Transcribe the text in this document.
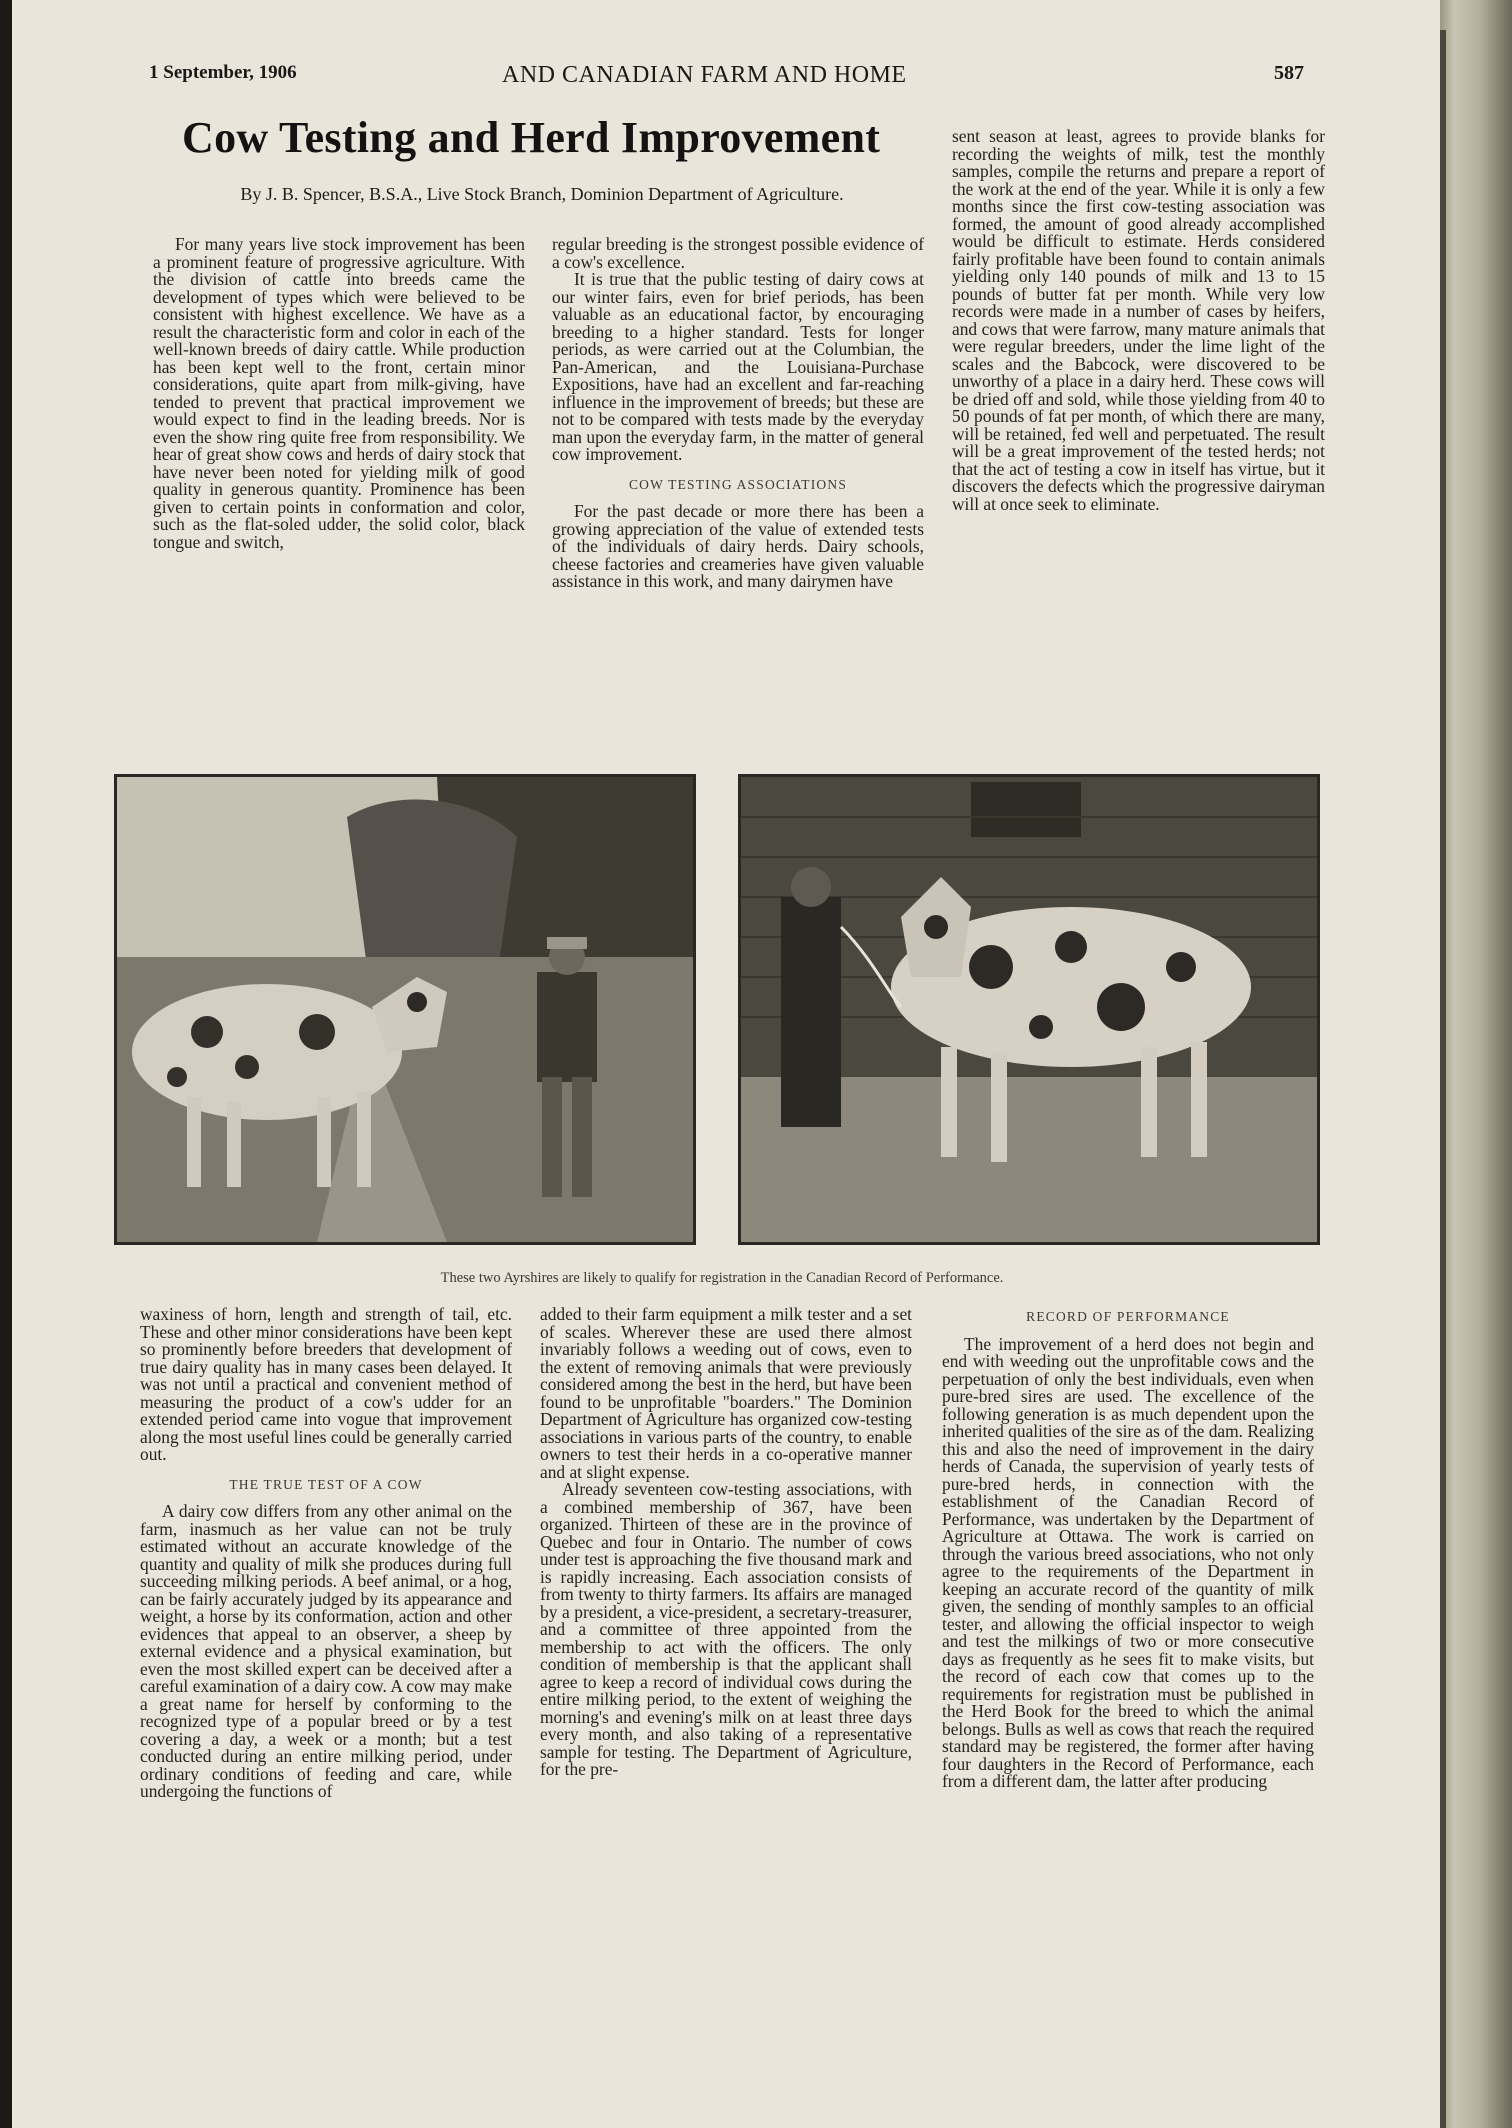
1 September, 1906	AND CANADIAN FARM AND HOME	587
Cow Testing and Herd Improvement
By J. B. Spencer, B.S.A., Live Stock Branch, Dominion Department of Agriculture.

For many years live stock improvement has been a prominent feature of progressive agriculture. With the division of cattle into breeds came the development of types which were believed to be consistent with highest excellence. We have as a result the characteristic form and color in each of the well-known breeds of dairy cattle. While production has been kept well to the front, certain minor considerations, quite apart from milk-giving, have tended to prevent that practical improvement we would expect to find in the leading breeds. Nor is even the show ring quite free from responsibility. We hear of great show cows and herds of dairy stock that have never been noted for yielding milk of good quality in generous quantity. Prominence has been given to certain points in conformation and color, such as the flat-soled udder, the solid color, black tongue and switch,

regular breeding is the strongest possible evidence of a cow's excellence.

It is true that the public testing of dairy cows at our winter fairs, even for brief periods, has been valuable as an educational factor, by encouraging breeding to a higher standard. Tests for longer periods, as were carried out at the Columbian, the Pan-American, and the Louisiana-Purchase Expositions, have had an excellent and far-reaching influence in the improvement of breeds; but these are not to be compared with tests made by the everyday man upon the everyday farm, in the matter of general cow improvement.

COW TESTING ASSOCIATIONS

For the past decade or more there has been a growing appreciation of the value of extended tests of the individuals of dairy herds. Dairy schools, cheese factories and creameries have given valuable assistance in this work, and many dairymen have

sent season at least, agrees to provide blanks for recording the weights of milk, test the monthly samples, compile the returns and prepare a report of the work at the end of the year. While it is only a few months since the first cow-testing association was formed, the amount of good already accomplished would be difficult to estimate. Herds considered fairly profitable have been found to contain animals yielding only 140 pounds of milk and 13 to 15 pounds of butter fat per month. While very low records were made in a number of cases by heifers, and cows that were farrow, many mature animals that were regular breeders, under the lime light of the scales and the Babcock, were discovered to be unworthy of a place in a dairy herd. These cows will be dried off and sold, while those yielding from 40 to 50 pounds of fat per month, of which there are many, will be retained, fed well and perpetuated. The result will be a great improvement of the tested herds; not that the act of testing a cow in itself has virtue, but it discovers the defects which the progressive dairyman will at once seek to eliminate.

These two Ayrshires are likely to qualify for registration in the Canadian Record of Performance.

waxiness of horn, length and strength of tail, etc. These and other minor considerations have been kept so prominently before breeders that development of true dairy quality has in many cases been delayed. It was not until a practical and convenient method of measuring the product of a cow's udder for an extended period came into vogue that improvement along the most useful lines could be generally carried out.

THE TRUE TEST OF A COW

A dairy cow differs from any other animal on the farm, inasmuch as her value can not be truly estimated without an accurate knowledge of the quantity and quality of milk she produces during full succeeding milking periods. A beef animal, or a hog, can be fairly accurately judged by its appearance and weight, a horse by its conformation, action and other evidences that appeal to an observer, a sheep by external evidence and a physical examination, but even the most skilled expert can be deceived after a careful examination of a dairy cow. A cow may make a great name for herself by conforming to the recognized type of a popular breed or by a test covering a day, a week or a month; but a test conducted during an entire milking period, under ordinary conditions of feeding and care, while undergoing the functions of

added to their farm equipment a milk tester and a set of scales. Wherever these are used there almost invariably follows a weeding out of cows, even to the extent of removing animals that were previously considered among the best in the herd, but have been found to be unprofitable "boarders." The Dominion Department of Agriculture has organized cow-testing associations in various parts of the country, to enable owners to test their herds in a co-operative manner and at slight expense.

Already seventeen cow-testing associations, with a combined membership of 367, have been organized. Thirteen of these are in the province of Quebec and four in Ontario. The number of cows under test is approaching the five thousand mark and is rapidly increasing. Each association consists of from twenty to thirty farmers. Its affairs are managed by a president, a vice-president, a secretary-treasurer, and a committee of three appointed from the membership to act with the officers. The only condition of membership is that the applicant shall agree to keep a record of individual cows during the entire milking period, to the extent of weighing the morning's and evening's milk on at least three days every month, and also taking of a representative sample for testing. The Department of Agriculture, for the pre-

RECORD OF PERFORMANCE

The improvement of a herd does not begin and end with weeding out the unprofitable cows and the perpetuation of only the best individuals, even when pure-bred sires are used. The excellence of the following generation is as much dependent upon the inherited qualities of the sire as of the dam. Realizing this and also the need of improvement in the dairy herds of Canada, the supervision of yearly tests of pure-bred herds, in connection with the establishment of the Canadian Record of Performance, was undertaken by the Department of Agriculture at Ottawa. The work is carried on through the various breed associations, who not only agree to the requirements of the Department in keeping an accurate record of the quantity of milk given, the sending of monthly samples to an official tester, and allowing the official inspector to weigh and test the milkings of two or more consecutive days as frequently as he sees fit to make visits, but the record of each cow that comes up to the requirements for registration must be published in the Herd Book for the breed to which the animal belongs. Bulls as well as cows that reach the required standard may be registered, the former after having four daughters in the Record of Performance, each from a different dam, the latter after producing
